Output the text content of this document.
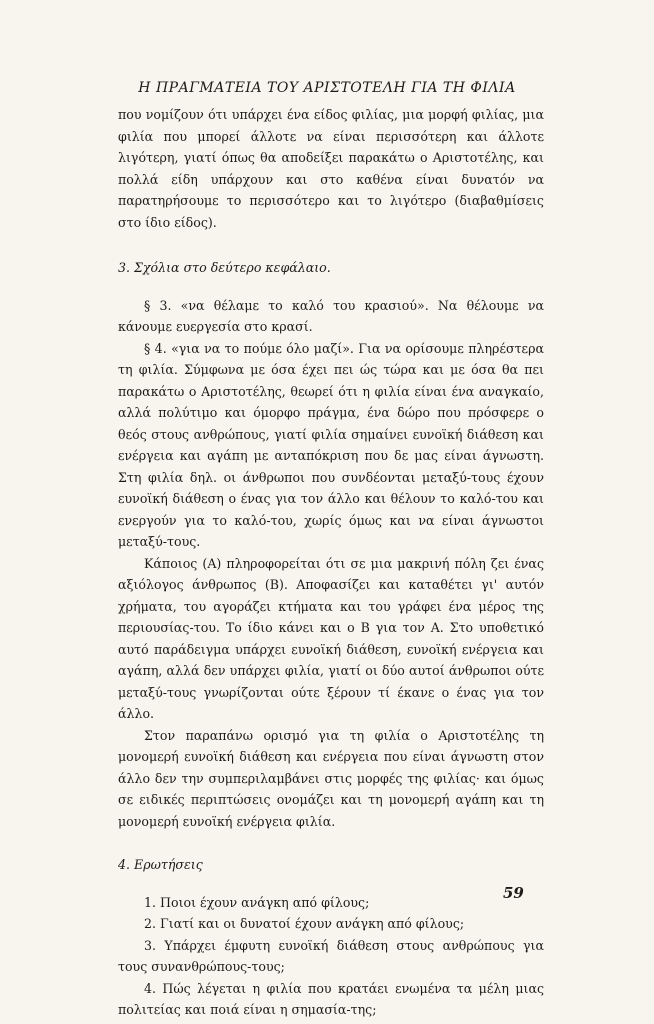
Η ΠΡΑΓΜΑΤΕΙΑ ΤΟΥ ΑΡΙΣΤΟΤΕΛΗ ΓΙΑ ΤΗ ΦΙΛΙΑ

που νομίζουν ότι υπάρχει ένα είδος φιλίας, μια μορφή φιλίας, μια φιλία που μπορεί άλλοτε να είναι περισσότερη και άλλοτε λιγότερη, γιατί όπως θα αποδείξει παρακάτω ο Αριστοτέλης, και πολλά είδη υπάρχουν και στο καθένα είναι δυνατόν να παρατηρήσουμε το περισσότερο και το λιγότερο (διαβαθμίσεις στο ίδιο είδος).

3. Σχόλια στο δεύτερο κεφάλαιο.

§ 3. «να θέλαμε το καλό του κρασιού». Να θέλουμε να κάνουμε ευεργεσία στο κρασί.

§ 4. «για να το πούμε όλο μαζί». Για να ορίσουμε πληρέστερα τη φιλία. Σύμφωνα με όσα έχει πει ώς τώρα και με όσα θα πει παρακάτω ο Αριστοτέλης, θεωρεί ότι η φιλία είναι ένα αναγκαίο, αλλά πολύτιμο και όμορφο πράγμα, ένα δώρο που πρόσφερε ο θεός στους ανθρώπους, γιατί φιλία σημαίνει ευνοϊκή διάθεση και ενέργεια και αγάπη με ανταπόκριση που δε μας είναι άγνωστη. Στη φιλία δηλ. οι άνθρωποι που συνδέονται μεταξύ-τους έχουν ευνοϊκή διάθεση ο ένας για τον άλλο και θέλουν το καλό-του και ενεργούν για το καλό-του, χωρίς όμως και να είναι άγνωστοι μεταξύ-τους.

Κάποιος (Α) πληροφορείται ότι σε μια μακρινή πόλη ζει ένας αξιόλογος άνθρωπος (Β). Αποφασίζει και καταθέτει γι' αυτόν χρήματα, του αγοράζει κτήματα και του γράφει ένα μέρος της περιουσίας-του. Το ίδιο κάνει και ο Β για τον Α. Στο υποθετικό αυτό παράδειγμα υπάρχει ευνοϊκή διάθεση, ευνοϊκή ενέργεια και αγάπη, αλλά δεν υπάρχει φιλία, γιατί οι δύο αυτοί άνθρωποι ούτε μεταξύ-τους γνωρίζονται ούτε ξέρουν τί έκανε ο ένας για τον άλλο.

Στον παραπάνω ορισμό για τη φιλία ο Αριστοτέλης τη μονομερή ευνοϊκή διάθεση και ενέργεια που είναι άγνωστη στον άλλο δεν την συμπεριλαμβάνει στις μορφές της φιλίας· και όμως σε ειδικές περιπτώσεις ονομάζει και τη μονομερή αγάπη και τη μονομερή ευνοϊκή ενέργεια φιλία.

4. Ερωτήσεις

1. Ποιοι έχουν ανάγκη από φίλους;

2. Γιατί και οι δυνατοί έχουν ανάγκη από φίλους;

3. Υπάρχει έμφυτη ευνοϊκή διάθεση στους ανθρώπους για τους συνανθρώπους-τους;

4. Πώς λέγεται η φιλία που κρατάει ενωμένα τα μέλη μιας πολιτείας και ποιά είναι η σημασία-της;

59
